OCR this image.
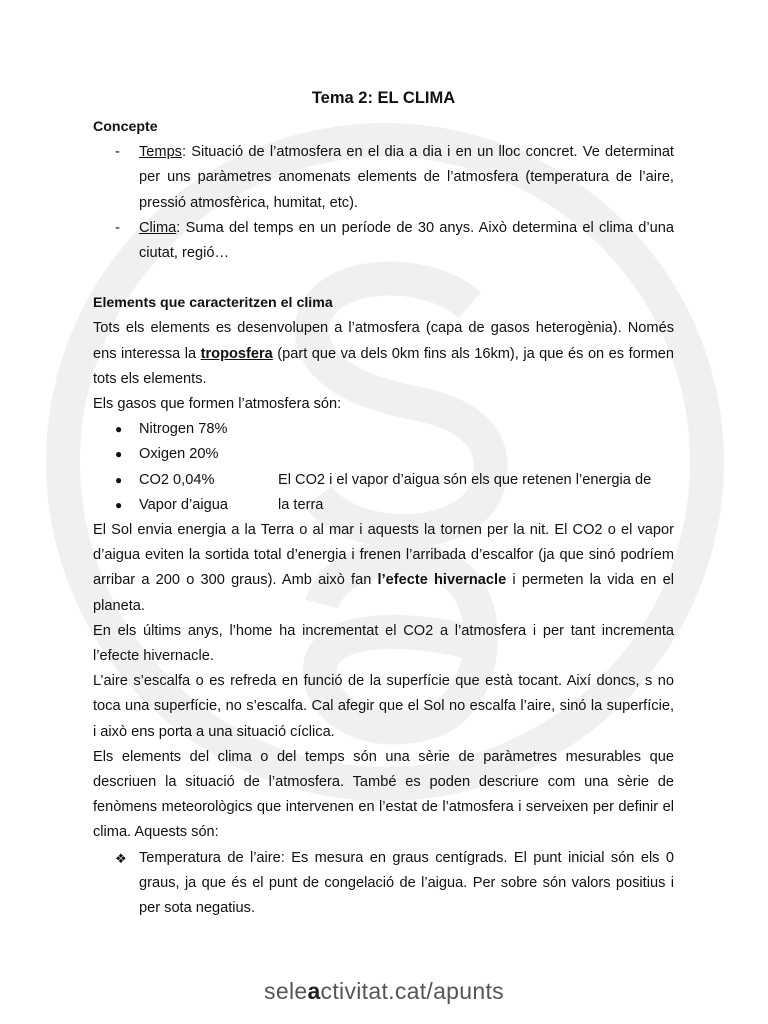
Tema 2: EL CLIMA

Concepte

- Temps: Situació de l’atmosfera en el dia a dia i en un lloc concret. Ve determinat per uns paràmetres anomenats elements de l’atmosfera (temperatura de l’aire, pressió atmosfèrica, humitat, etc).
- Clima: Suma del temps en un període de 30 anys. Això determina el clima d’una ciutat, regió…

Elements que caracteritzen el clima

Tots els elements es desenvolupen a l’atmosfera (capa de gasos heterogènia). Només ens interessa la troposfera (part que va dels 0km fins als 16km), ja que és on es formen tots els elements.

Els gasos que formen l’atmosfera són:

● Nitrogen 78%
● Oxigen 20%
● CO2 0,04%	El CO2 i el vapor d’aigua són els que retenen l’energia de
● Vapor d’aigua	la terra

El Sol envia energia a la Terra o al mar i aquests la tornen per la nit. El CO2 o el vapor d’aigua eviten la sortida total d’energia i frenen l’arribada d’escalfor (ja que sinó podríem arribar a 200 o 300 graus). Amb això fan l’efecte hivernacle i permeten la vida en el planeta.

En els últims anys, l’home ha incrementat el CO2 a l’atmosfera i per tant incrementa l’efecte hivernacle.

L’aire s’escalfa o es refreda en funció de la superfície que està tocant. Així doncs, s no toca una superfície, no s’escalfa. Cal afegir que el Sol no escalfa l’aire, sinó la superfície, i això ens porta a una situació cíclica.

Els elements del clima o del temps són una sèrie de paràmetres mesurables que descriuen la situació de l’atmosfera. També es poden descriure com una sèrie de fenòmens meteorològics que intervenen en l’estat de l’atmosfera i serveixen per definir el clima. Aquests són:

❖ Temperatura de l’aire: Es mesura en graus centígrads. El punt inicial són els 0 graus, ja que és el punt de congelació de l’aigua. Per sobre són valors positius i per sota negatius.
seleactivitat.cat/apunts
